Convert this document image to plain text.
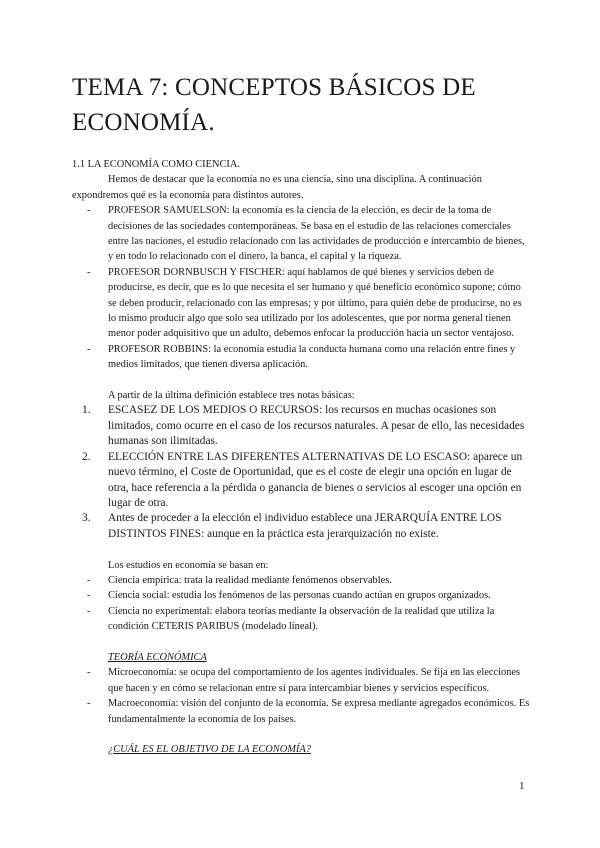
TEMA 7: CONCEPTOS BÁSICOS DE ECONOMÍA.

1.1 LA ECONOMÍA COMO CIENCIA.

Hemos de destacar que la economía no es una ciencia, sino una disciplina. A continuación expondremos qué es la economía para distintos autores.

- PROFESOR SAMUELSON: la economía es la ciencia de la elección, es decir de la toma de decisiones de las sociedades contemporáneas. Se basa en el estudio de las relaciones comerciales entre las naciones, el estudio relacionado con las actividades de producción e intercambio de bienes, y en todo lo relacionado con el dinero, la banca, el capital y la riqueza.
- PROFESOR DORNBUSCH Y FISCHER: aquí hablamos de qué bienes y servicios deben de producirse, es decir, que es lo que necesita el ser humano y qué beneficio económico supone; cómo se deben producir, relacionado con las empresas; y por último, para quién debe de producirse, no es lo mismo producir algo que solo sea utilizado por los adolescentes, que por norma general tienen menor poder adquisitivo que un adulto, debemos enfocar la producción hacia un sector ventajoso.
- PROFESOR ROBBINS: la economía estudia la conducta humana como una relación entre fines y medios limitados, que tienen diversa aplicación.

A partir de la última definición establece tres notas básicas:

1. ESCASEZ DE LOS MEDIOS O RECURSOS: los recursos en muchas ocasiones son limitados, como ocurre en el caso de los recursos naturales. A pesar de ello, las necesidades humanas son ilimitadas.
2. ELECCIÓN ENTRE LAS DIFERENTES ALTERNATIVAS DE LO ESCASO: aparece un nuevo término, el Coste de Oportunidad, que es el coste de elegir una opción en lugar de otra, hace referencia a la pérdida o ganancia de bienes o servicios al escoger una opción en lugar de otra.
3. Antes de proceder a la elección el individuo establece una JERARQUÍA ENTRE LOS DISTINTOS FINES: aunque en la práctica esta jerarquización no existe.

Los estudios en economía se basan en:

- Ciencia empírica: trata la realidad mediante fenómenos observables.
- Ciencia social: estudia los fenómenos de las personas cuando actúan en grupos organizados.
- Ciencia no experimental: elabora teorías mediante la observación de la realidad que utiliza la condición CETERIS PARIBUS (modelado lineal).

TEORÍA ECONÓMICA

- Microeconomía: se ocupa del comportamiento de los agentes individuales. Se fija en las elecciones que hacen y en cómo se relacionan entre sí para intercambiar bienes y servicios específicos.
- Macroeconomía: visión del conjunto de la economía. Se expresa mediante agregados económicos. Es fundamentalmente la economía de los países.

¿CUÁL ES EL OBJETIVO DE LA ECONOMÍA?

1
